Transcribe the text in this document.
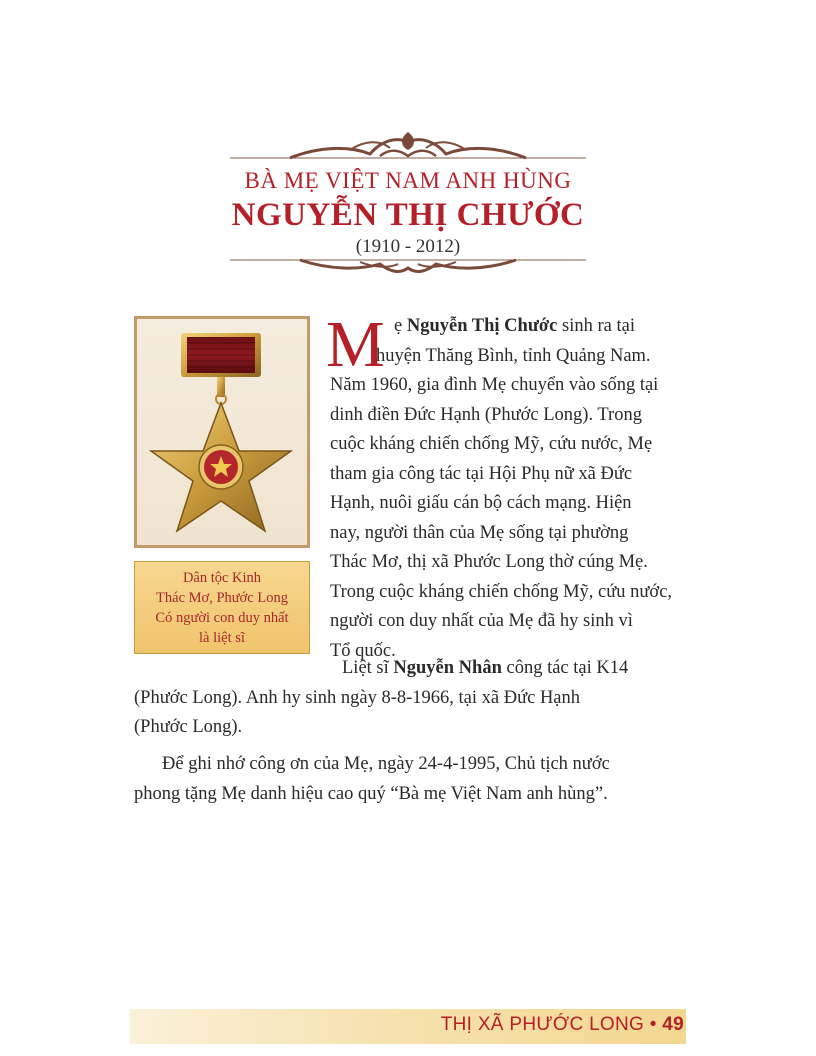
BÀ MẸ VIỆT NAM ANH HÙNG
NGUYỄN THỊ CHƯỚC
(1910 - 2012)
Dân tộc Kinh
Thác Mơ, Phước Long
Có người con duy nhất
là liệt sĩ
M ẹ Nguyễn Thị Chước sinh ra tại
huyện Thăng Bình, tỉnh Quảng Nam.
Năm 1960, gia đình Mẹ chuyển vào sống tại
dinh điền Đức Hạnh (Phước Long). Trong
cuộc kháng chiến chống Mỹ, cứu nước, Mẹ
tham gia công tác tại Hội Phụ nữ xã Đức
Hạnh, nuôi giấu cán bộ cách mạng. Hiện
nay, người thân của Mẹ sống tại phường
Thác Mơ, thị xã Phước Long thờ cúng Mẹ.
Trong cuộc kháng chiến chống Mỹ, cứu nước,
người con duy nhất của Mẹ đã hy sinh vì
Tổ quốc.
Liệt sĩ Nguyễn Nhân công tác tại K14
(Phước Long). Anh hy sinh ngày 8-8-1966, tại xã Đức Hạnh
(Phước Long).
Để ghi nhớ công ơn của Mẹ, ngày 24-4-1995, Chủ tịch nước
phong tặng Mẹ danh hiệu cao quý “Bà mẹ Việt Nam anh hùng”.
THỊ XÃ PHƯỚC LONG • 49
